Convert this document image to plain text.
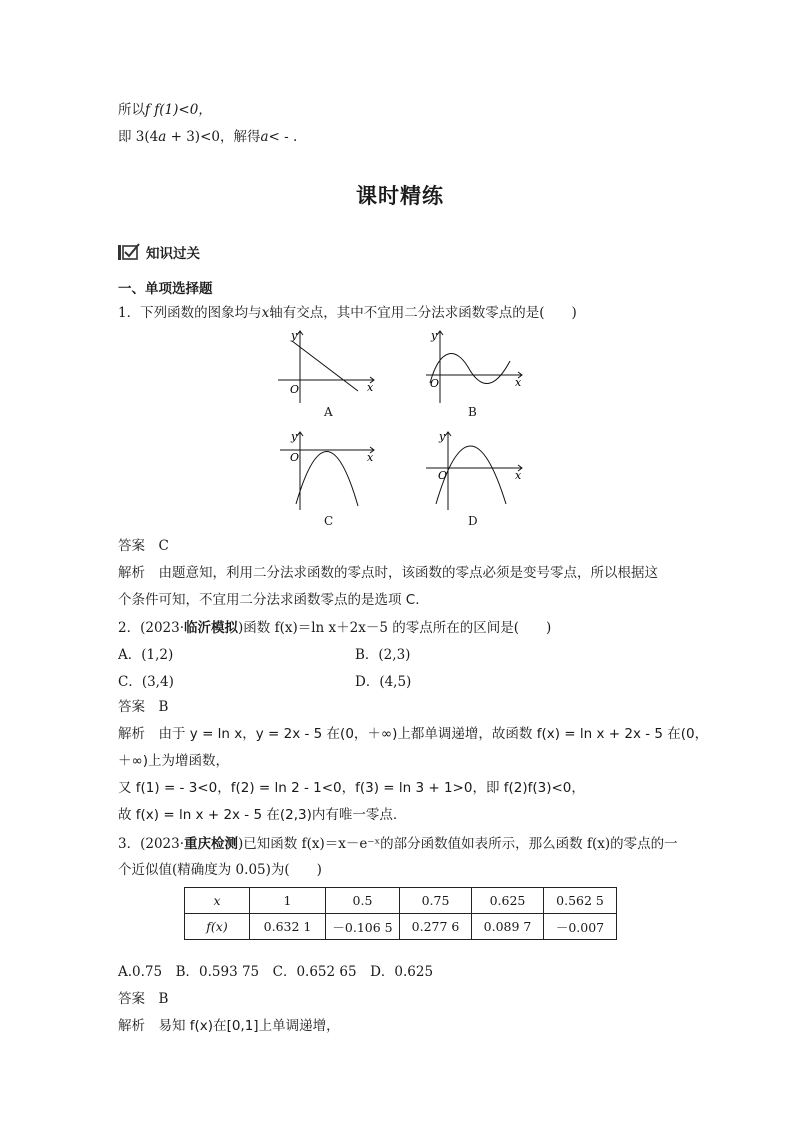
所以f f(1)<0，
即 3(4a + 3)<0，解得a< - .
课时精练
知识过关
一、单项选择题
1．下列函数的图象均与x轴有交点，其中不宜用二分法求函数零点的是(　　)
y
x
O
A
y
x
O
B
y
x
O
C
y
x
O
D
答案　 C
解析　 由题意知，利用二分法求函数的零点时，该函数的零点必须是变号零点，所以根据这
个条件可知，不宜用二分法求函数零点的是选项 C.
2．(2023·临沂模拟)函数 f(x)＝ln x＋2x－5 的零点所在的区间是(　　)
A．(1,2)	B．(2,3)
C．(3,4)	D．(4,5)
答案　 B
解析　 由于 y = ln x，y = 2x - 5 在(0，＋∞)上都单调递增，故函数 f(x) = ln x + 2x - 5 在(0，
＋∞)上为增函数，
又 f(1) = - 3<0，f(2) = ln 2 - 1<0，f(3) = ln 3 + 1>0，即 f(2)f(3)<0，
故 f(x) = ln x + 2x - 5 在(2,3)内有唯一零点.
3．(2023·重庆检测)已知函数 f(x)＝x－e⁻ˣ的部分函数值如表所示，那么函数 f(x)的零点的一
个近似值(精确度为 0.05)为(　　)
x	1	0.5	0.75	0.625	0.562 5
f(x)	0.632 1	－0.106 5	0.277 6	0.089 7	－0.007
A.0.75　B．0.593 75　C．0.652 65　D．0.625
答案　 B
解析　 易知 f(x)在[0,1]上单调递增，
